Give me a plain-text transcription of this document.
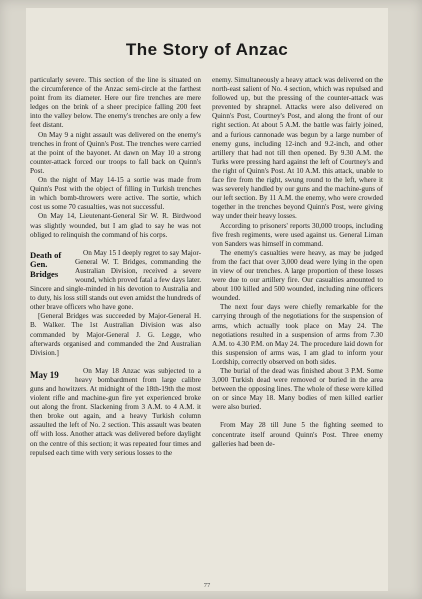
The Story of Anzac

particularly severe. This section of the line is situated on the circumference of the Anzac semi-circle at the farthest point from its diameter. Here our fire trenches are mere ledges on the brink of a sheer precipice falling 200 feet into the valley below. The enemy's trenches are only a few feet distant.

On May 9 a night assault was delivered on the enemy's trenches in front of Quinn's Post. The trenches were carried at the point of the bayonet. At dawn on May 10 a strong counter-attack forced our troops to fall back on Quinn's Post.

On the night of May 14-15 a sortie was made from Quinn's Post with the object of filling in Turkish trenches in which bomb-throwers were active. The sortie, which cost us some 70 casualties, was not successful.

On May 14, Lieutenant-General Sir W. R. Birdwood was slightly wounded, but I am glad to say he was not obliged to relinquish the command of his corps.

Death of Gen. Bridges
On May 15 I deeply regret to say Major-General W. T. Bridges, commanding the Australian Division, received a severe wound, which proved fatal a few days later. Sincere and single-minded in his devotion to Australia and to duty, his loss still stands out even amidst the hundreds of other brave officers who have gone.

[General Bridges was succeeded by Major-General H. B. Walker. The 1st Australian Division was also commanded by Major-General J. G. Legge, who afterwards organised and commanded the 2nd Australian Division.]

May 19	On May 18 Anzac was subjected to a heavy bombardment from large calibre guns and howitzers. At midnight of the 18th-19th the most violent rifle and machine-gun fire yet experienced broke out along the front. Slackening from 3 A.M. to 4 A.M. it then broke out again, and a heavy Turkish column assaulted the left of No. 2 section. This assault was beaten off with loss. Another attack was delivered before daylight on the centre of this section; it was repeated four times and repulsed each time with very serious losses to the

enemy. Simultaneously a heavy attack was delivered on the north-east salient of No. 4 section, which was repulsed and followed up, but the pressing of the counter-attack was prevented by shrapnel. Attacks were also delivered on Quinn's Post, Courtney's Post, and along the front of our right section. At about 5 A.M. the battle was fairly joined, and a furious cannonade was begun by a large number of enemy guns, including 12-inch and 9.2-inch, and other artillery that had not till then opened. By 9.30 A.M. the Turks were pressing hard against the left of Courtney's and the right of Quinn's Post. At 10 A.M. this attack, unable to face fire from the right, swung round to the left, where it was severely handled by our guns and the machine-guns of our left section. By 11 A.M. the enemy, who were crowded together in the trenches beyond Quinn's Post, were giving way under their heavy losses.

According to prisoners' reports 30,000 troops, including five fresh regiments, were used against us. General Liman von Sanders was himself in command.

The enemy's casualties were heavy, as may be judged from the fact that over 3,000 dead were lying in the open in view of our trenches. A large proportion of these losses were due to our artillery fire. Our casualties amounted to about 100 killed and 500 wounded, including nine officers wounded.

The next four days were chiefly remarkable for the carrying through of the negotiations for the suspension of arms, which actually took place on May 24. The negotiations resulted in a suspension of arms from 7.30 A.M. to 4.30 P.M. on May 24. The procedure laid down for this suspension of arms was, I am glad to inform your Lordship, correctly observed on both sides.

The burial of the dead was finished about 3 P.M. Some 3,000 Turkish dead were removed or buried in the area between the opposing lines. The whole of these were killed on or since May 18. Many bodies of men killed earlier were also buried.

From May 28 till June 5 the fighting seemed to concentrate itself around Quinn's Post. Three enemy galleries had been de-

77
